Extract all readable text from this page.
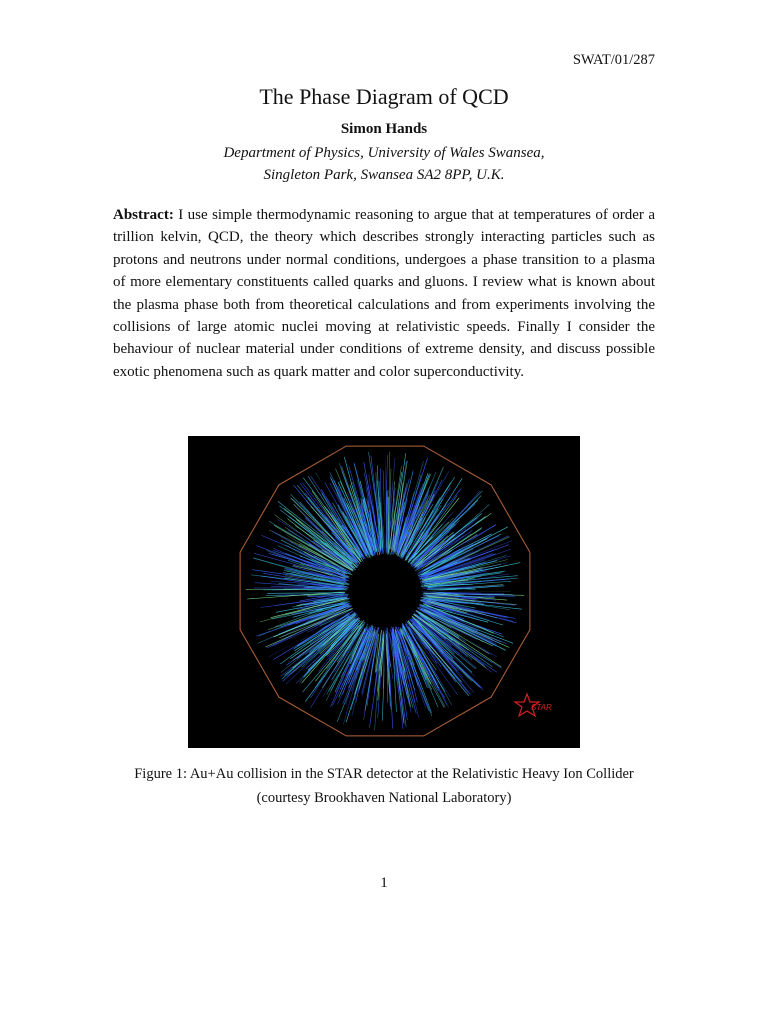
SWAT/01/287
The Phase Diagram of QCD
Simon Hands
Department of Physics, University of Wales Swansea,
Singleton Park, Swansea SA2 8PP, U.K.
Abstract: I use simple thermodynamic reasoning to argue that at temperatures of order a trillion kelvin, QCD, the theory which describes strongly interacting particles such as protons and neutrons under normal conditions, undergoes a phase transition to a plasma of more elementary constituents called quarks and gluons. I review what is known about the plasma phase both from theoretical calculations and from experiments involving the collisions of large atomic nuclei moving at relativistic speeds. Finally I consider the behaviour of nuclear material under conditions of extreme density, and discuss possible exotic phenomena such as quark matter and color superconductivity.
STAR
Figure 1: Au+Au collision in the STAR detector at the Relativistic Heavy Ion Collider
(courtesy Brookhaven National Laboratory)
1
